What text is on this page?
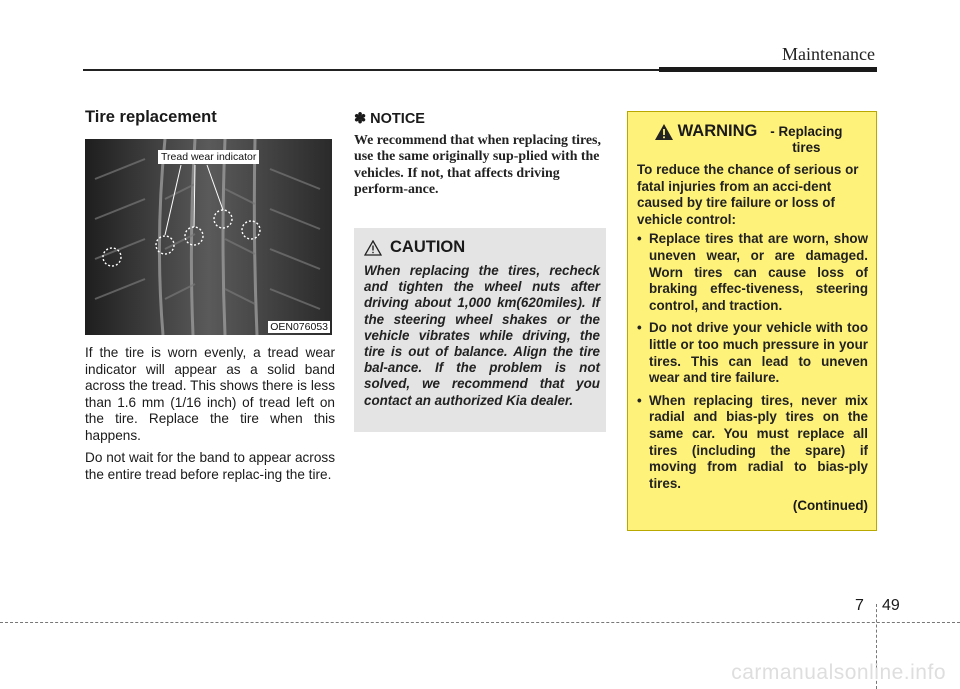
Maintenance
Tire replacement
Tread wear indicator
OEN076053

If the tire is worn evenly, a tread wear indicator will appear as a solid band across the tread. This shows there is less than 1.6 mm (1/16 inch) of tread left on the tire. Replace the tire when this happens.

Do not wait for the band to appear across the entire tread before replac-ing the tire.

✽ NOTICE

We recommend that when replacing tires, use the same originally sup-plied with the vehicles. If not, that affects driving perform-ance.

CAUTION

When replacing the tires, recheck and tighten the wheel nuts after driving about 1,000 km(620miles). If the steering wheel shakes or the vehicle vibrates while driving, the tire is out of balance. Align the tire bal-ance. If the problem is not solved, we recommend that you contact an authorized Kia dealer.

WARNING - Replacing tires

To reduce the chance of serious or fatal injuries from an acci-dent caused by tire failure or loss of vehicle control:

• Replace tires that are worn, show uneven wear, or are damaged. Worn tires can cause loss of braking effec-tiveness, steering control, and traction.
• Do not drive your vehicle with too little or too much pressure in your tires. This can lead to uneven wear and tire failure.
• When replacing tires, never mix radial and bias-ply tires on the same car. You must replace all tires (including the spare) if moving from radial to bias-ply tires.
(Continued)
7 49
carmanualsonline.info
